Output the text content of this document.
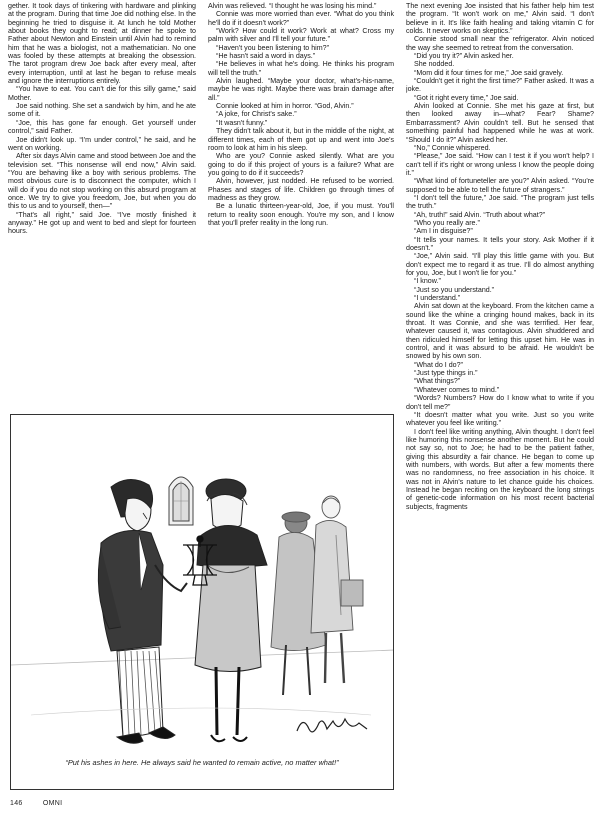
gether. It took days of tinkering with hardware and plinking at the program. During that time Joe did nothing else. In the beginning he tried to disguise it. At lunch he told Mother about books they ought to read; at dinner he spoke to Father about Newton and Einstein until Alvin had to remind him that he was a biologist, not a mathematician. No one was fooled by these attempts at breaking the obsession. The tarot program drew Joe back after every meal, after every interruption, until at last he began to refuse meals and ignore the interruptions entirely.

“You have to eat. You can't die for this silly game,” said Mother.

Joe said nothing. She set a sandwich by him, and he ate some of it.

“Joe, this has gone far enough. Get yourself under control,” said Father.

Joe didn't look up. “I'm under control,” he said, and he went on working.

After six days Alvin came and stood between Joe and the television set. “This nonsense will end now,” Alvin said. “You are behaving like a boy with serious problems. The most obvious cure is to disconnect the computer, which I will do if you do not stop working on this absurd program at once. We try to give you freedom, Joe, but when you do this to us and to yourself, then—”

“That's all right,” said Joe. “I've mostly finished it anyway.” He got up and went to bed and slept for fourteen hours.

Alvin was relieved. “I thought he was losing his mind.”

Connie was more worried than ever. “What do you think he'll do if it doesn't work?”

“Work? How could it work? Work at what? Cross my palm with silver and I'll tell your future.”

“Haven't you been listening to him?”

“He hasn't said a word in days.”

“He believes in what he's doing. He thinks his program will tell the truth.”

Alvin laughed. “Maybe your doctor, what's-his-name, maybe he was right. Maybe there was brain damage after all.”

Connie looked at him in horror. “God, Alvin.”

“A joke, for Christ's sake.”

“It wasn't funny.”

They didn't talk about it, but in the middle of the night, at different times, each of them got up and went into Joe's room to look at him in his sleep.

Who are you? Connie asked silently. What are you going to do if this project of yours is a failure? What are you going to do if it succeeds?

Alvin, however, just nodded. He refused to be worried. Phases and stages of life. Children go through times of madness as they grow.

Be a lunatic thirteen-year-old, Joe, if you must. You'll return to reality soon enough. You're my son, and I know that you'll prefer reality in the long run.

The next evening Joe insisted that his father help him test the program. “It won't work on me,” Alvin said. “I don't believe in it. It's like faith healing and taking vitamin C for colds. It never works on skeptics.”

Connie stood small near the refrigerator. Alvin noticed the way she seemed to retreat from the conversation.

“Did you try it?” Alvin asked her.

She nodded.

“Mom did it four times for me,” Joe said gravely.

“Couldn't get it right the first time?” Father asked. It was a joke.

“Got it right every time,” Joe said.

Alvin looked at Connie. She met his gaze at first, but then looked away in—what? Fear? Shame? Embarrassment? Alvin couldn't tell. But he sensed that something painful had happened while he was at work. “Should I do it?” Alvin asked her.

“No,” Connie whispered.

“Please,” Joe said. “How can I test it if you won't help? I can't tell if it's right or wrong unless I know the people doing it.”

“What kind of fortuneteller are you?” Alvin asked. “You're supposed to be able to tell the future of strangers.”

“I don't tell the future,” Joe said. “The program just tells the truth.”

“Ah, truth!” said Alvin. “Truth about what?”

“Who you really are.”

“Am I in disguise?”

“It tells your names. It tells your story. Ask Mother if it doesn't.”

“Joe,” Alvin said. “I'll play this little game with you. But don't expect me to regard it as true. I'll do almost anything for you, Joe, but I won't lie for you.”

“I know.”

“Just so you understand.”

“I understand.”

Alvin sat down at the keyboard. From the kitchen came a sound like the whine a cringing hound makes, back in its throat. It was Connie, and she was terrified. Her fear, whatever caused it, was contagious. Alvin shuddered and then ridiculed himself for letting this upset him. He was in control, and it was absurd to be afraid. He wouldn't be snowed by his own son.

“What do I do?”

“Just type things in.”

“What things?”

“Whatever comes to mind.”

“Words? Numbers? How do I know what to write if you don't tell me?”

“It doesn't matter what you write. Just so you write whatever you feel like writing.”

I don't feel like writing anything, Alvin thought. I don't feel like humoring this nonsense another moment. But he could not say so, not to Joe; he had to be the patient father, giving this absurdity a fair chance. He began to come up with numbers, with words. But after a few moments there was no randomness, no free association in his choice. It was not in Alvin's nature to let chance guide his choices. Instead he began reciting on the keyboard the long strings of genetic-code information on his most recent bacterial subjects, fragments

“Put his ashes in here. He always said he wanted to remain active, no matter what!”
146	OMNI
